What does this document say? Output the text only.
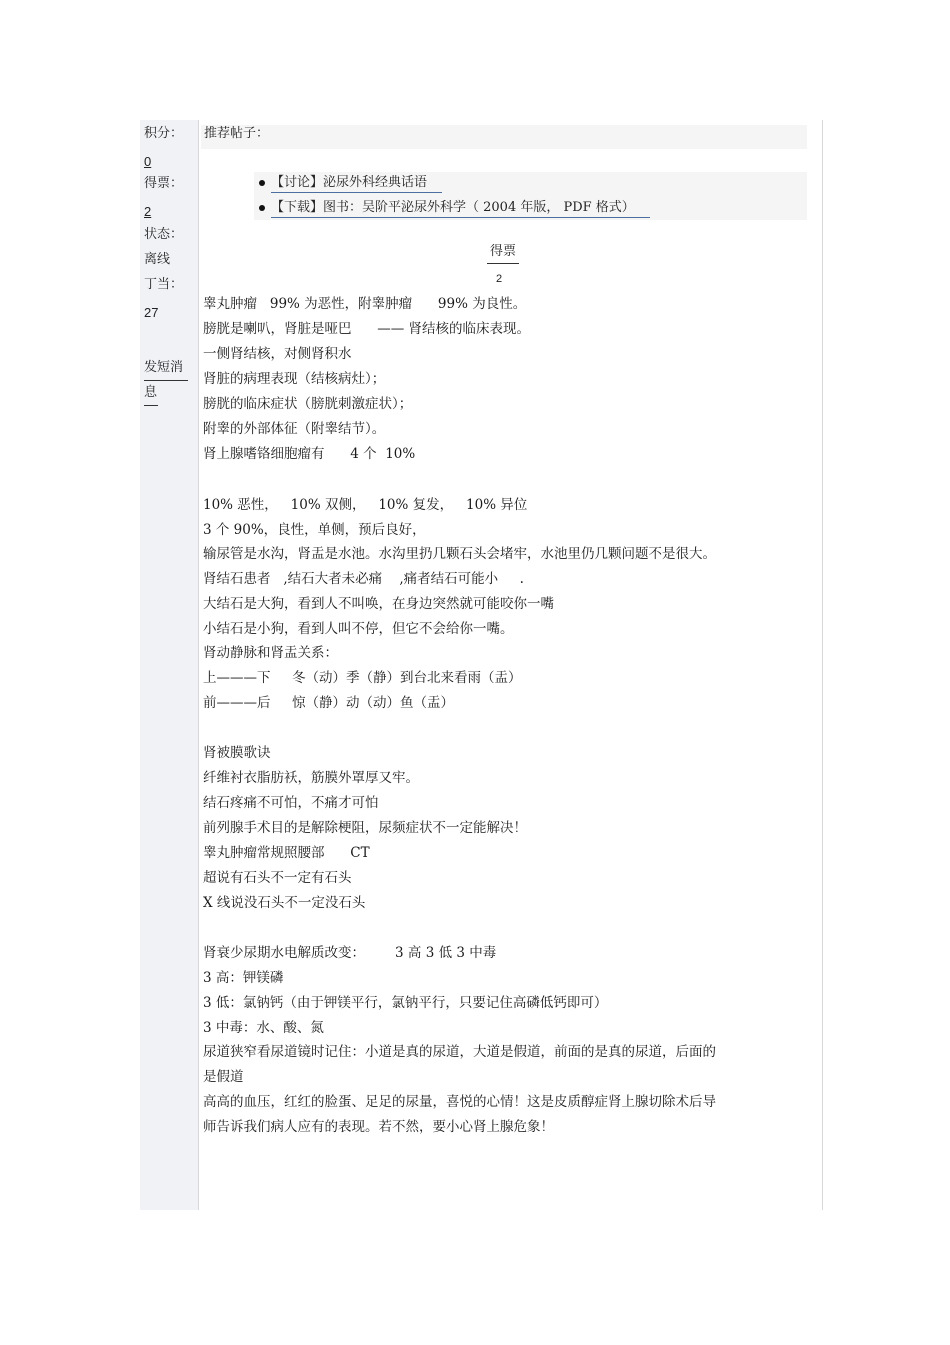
积分：
0
得票：
2
状态：
离线
丁当：
27
发短消
息
推荐帖子：
【讨论】泌尿外科经典话语
【下载】图书：吴阶平泌尿外科学（ 2004 年版， PDF 格式）
得票
2
睾丸肿瘤   99% 为恶性，附睾肿瘤      99% 为良性。
膀胱是喇叭，肾脏是哑巴      —— 肾结核的临床表现。
一侧肾结核，对侧肾积水
肾脏的病理表现（结核病灶）；
膀胱的临床症状（膀胱刺激症状）；
附睾的外部体征（附睾结节）。
肾上腺嗜铬细胞瘤有      4 个  10%
10% 恶性，   10% 双侧，   10% 复发，   10% 异位
3 个 90%，良性，单侧，预后良好，
输尿管是水沟，肾盂是水池。水沟里扔几颗石头会堵牢，水池里仍几颗问题不是很大。
肾结石患者   ,结石大者未必痛    ,痛者结石可能小     .
大结石是大狗，看到人不叫唤，在身边突然就可能咬你一嘴
小结石是小狗，看到人叫不停，但它不会给你一嘴。
肾动静脉和肾盂关系：
上———下     冬（动）季（静）到台北来看雨（盂）
前———后     惊（静）动（动）鱼（盂）
肾被膜歌诀
纤维衬衣脂肪袄，筋膜外罩厚又牢。
结石疼痛不可怕，不痛才可怕
前列腺手术目的是解除梗阻，尿频症状不一定能解决！
睾丸肿瘤常规照腰部      CT
超说有石头不一定有石头
X 线说没石头不一定没石头
肾衰少尿期水电解质改变：       3 高 3 低 3 中毒
3 高：钾镁磷
3 低：氯钠钙（由于钾镁平行，氯钠平行，只要记住高磷低钙即可）
3 中毒：水、酸、氮
尿道狭窄看尿道镜时记住：小道是真的尿道，大道是假道，前面的是真的尿道，后面的
是假道
高高的血压，红红的脸蛋、足足的尿量，喜悦的心情！这是皮质醇症肾上腺切除术后导
师告诉我们病人应有的表现。若不然，要小心肾上腺危象！
